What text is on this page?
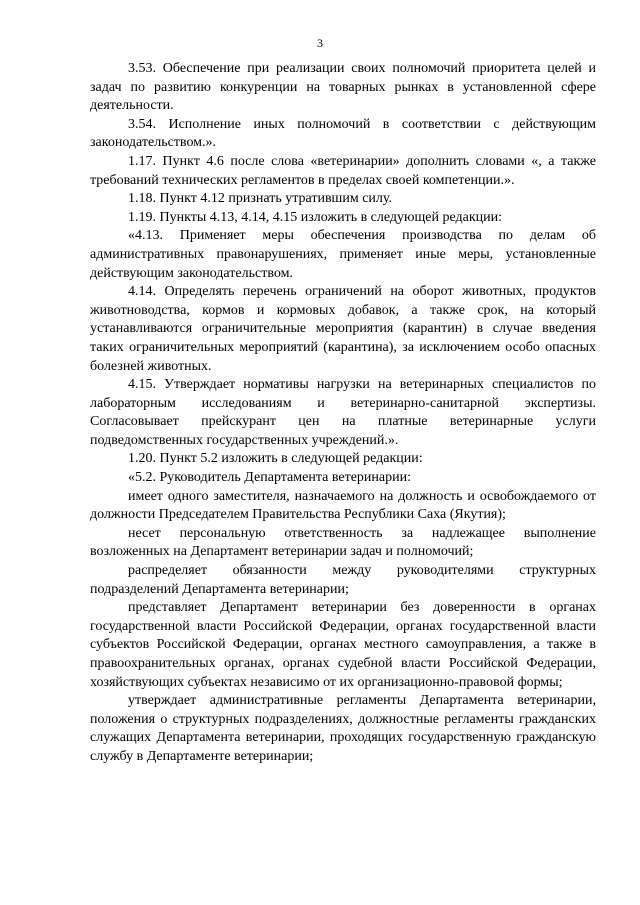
3

3.53. Обеспечение при реализации своих полномочий приоритета целей и задач по развитию конкуренции на товарных рынках в установленной сфере деятельности.

3.54. Исполнение иных полномочий в соответствии с действующим законодательством.».

1.17. Пункт 4.6 после слова «ветеринарии» дополнить словами «, а также требований технических регламентов в пределах своей компетенции.».

1.18. Пункт 4.12 признать утратившим силу.

1.19. Пункты 4.13, 4.14, 4.15 изложить в следующей редакции:

«4.13. Применяет меры обеспечения производства по делам об административных правонарушениях, применяет иные меры, установленные действующим законодательством.

4.14. Определять перечень ограничений на оборот животных, продуктов животноводства, кормов и кормовых добавок, а также срок, на который устанавливаются ограничительные мероприятия (карантин) в случае введения таких ограничительных мероприятий (карантина), за исключением особо опасных болезней животных.

4.15. Утверждает нормативы нагрузки на ветеринарных специалистов по лабораторным исследованиям и ветеринарно-санитарной экспертизы. Согласовывает прейскурант цен на платные ветеринарные услуги подведомственных государственных учреждений.».

1.20. Пункт 5.2 изложить в следующей редакции:

«5.2. Руководитель Департамента ветеринарии:

имеет одного заместителя, назначаемого на должность и освобождаемого от должности Председателем Правительства Республики Саха (Якутия);

несет персональную ответственность за надлежащее выполнение возложенных на Департамент ветеринарии задач и полномочий;

распределяет обязанности между руководителями структурных подразделений Департамента ветеринарии;

представляет Департамент ветеринарии без доверенности в органах государственной власти Российской Федерации, органах государственной власти субъектов Российской Федерации, органах местного самоуправления, а также в правоохранительных органах, органах судебной власти Российской Федерации, хозяйствующих субъектах независимо от их организационно-правовой формы;

утверждает административные регламенты Департамента ветеринарии, положения о структурных подразделениях, должностные регламенты гражданских служащих Департамента ветеринарии, проходящих государственную гражданскую службу в Департаменте ветеринарии;
